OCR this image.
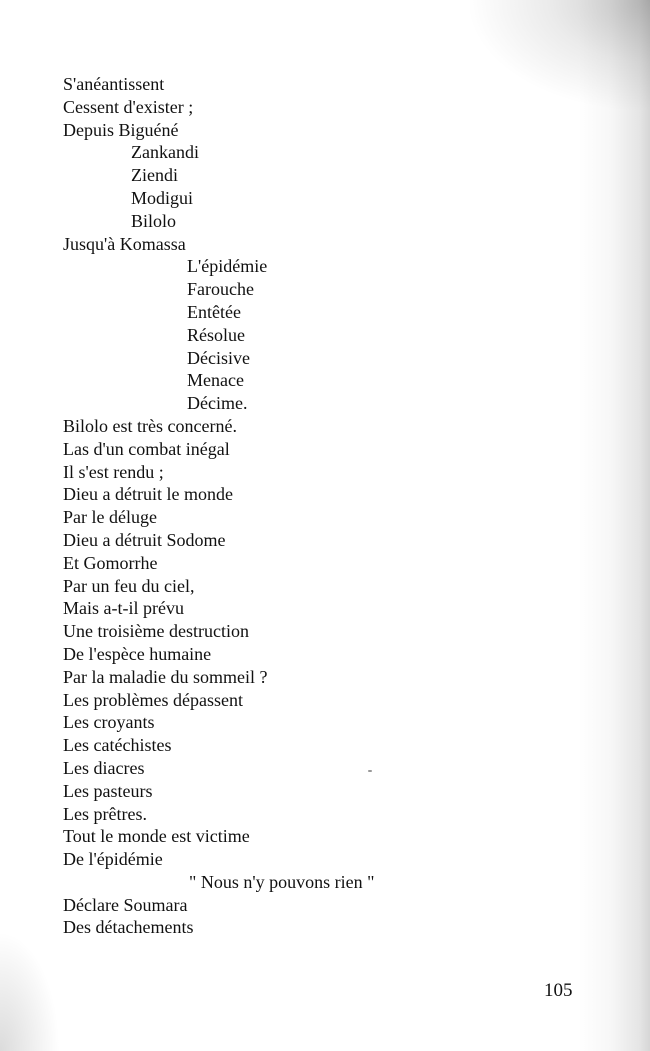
S'anéantissent
Cessent d'exister ;
Depuis Biguéné
Zankandi
Ziendi
Modigui
Bilolo
Jusqu'à Komassa
L'épidémie
Farouche
Entêtée
Résolue
Décisive
Menace
Décime.
Bilolo est très concerné.
Las d'un combat inégal
Il s'est rendu ;
Dieu a détruit le monde
Par le déluge
Dieu a détruit Sodome
Et Gomorrhe
Par un feu du ciel,
Mais a-t-il prévu
Une troisième destruction
De l'espèce humaine
Par la maladie du sommeil ?
Les problèmes dépassent
Les croyants
Les catéchistes
Les diacres
Les pasteurs
Les prêtres.
Tout le monde est victime
De l'épidémie
" Nous n'y pouvons rien "
Déclare Soumara
Des détachements
105
